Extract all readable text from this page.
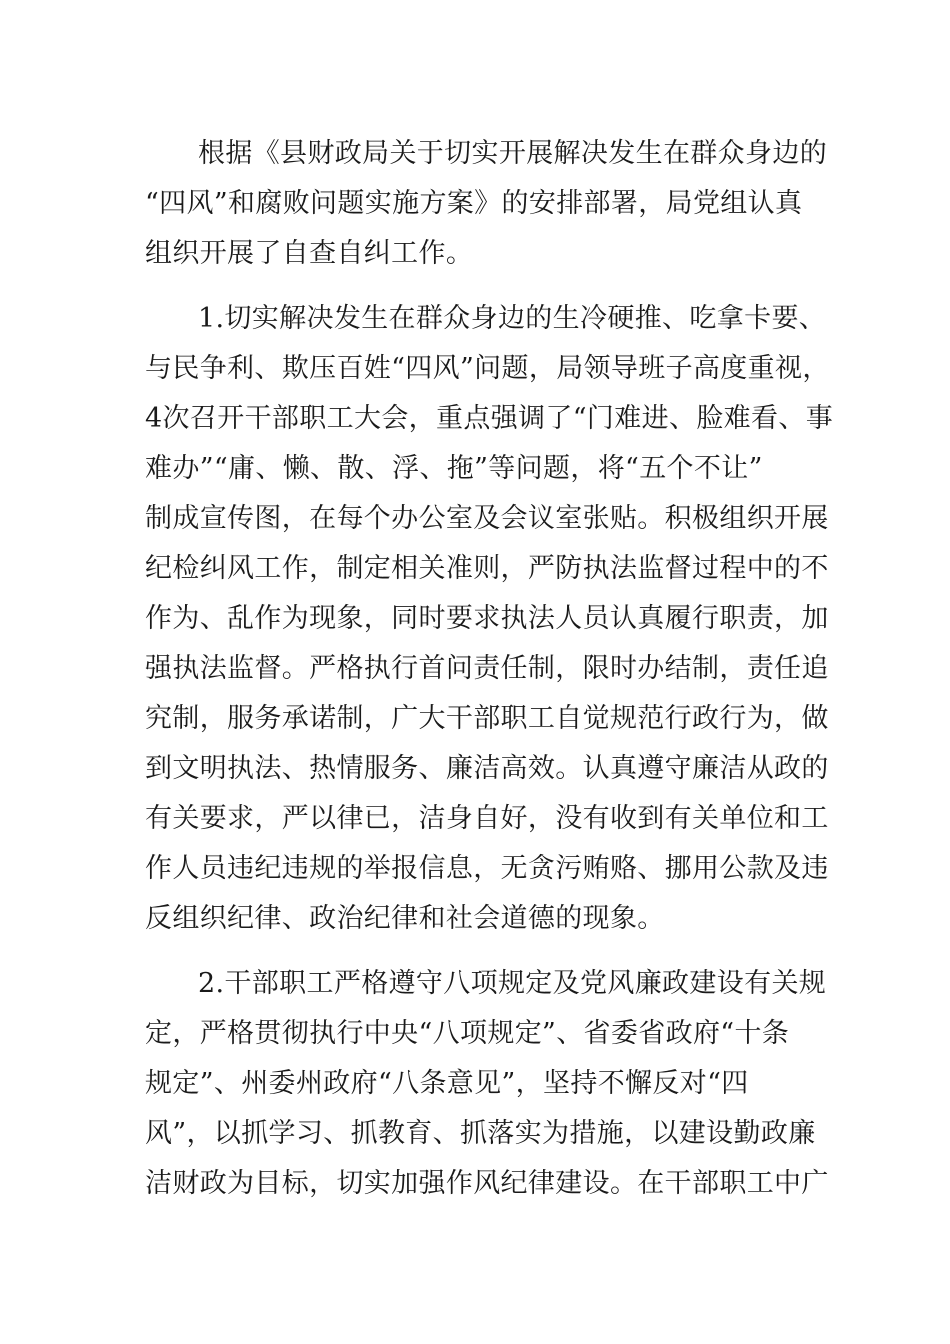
根据《县财政局关于切实开展解决发生在群众身边的
“四风”和腐败问题实施方案》的安排部署，局党组认真
组织开展了自查自纠工作。
1.切实解决发生在群众身边的生冷硬推、吃拿卡要、
与民争利、欺压百姓“四风”问题，局领导班子高度重视，
4次召开干部职工大会，重点强调了“门难进、脸难看、事
难办”“庸、懒、散、浮、拖”等问题，将“五个不让”
制成宣传图，在每个办公室及会议室张贴。积极组织开展
纪检纠风工作，制定相关准则，严防执法监督过程中的不
作为、乱作为现象，同时要求执法人员认真履行职责，加
强执法监督。严格执行首问责任制，限时办结制，责任追
究制，服务承诺制，广大干部职工自觉规范行政行为，做
到文明执法、热情服务、廉洁高效。认真遵守廉洁从政的
有关要求，严以律已，洁身自好，没有收到有关单位和工
作人员违纪违规的举报信息，无贪污贿赂、挪用公款及违
反组织纪律、政治纪律和社会道德的现象。
2.干部职工严格遵守八项规定及党风廉政建设有关规
定，严格贯彻执行中央“八项规定”、省委省政府“十条
规定”、州委州政府“八条意见”，坚持不懈反对“四
风”，以抓学习、抓教育、抓落实为措施，以建设勤政廉
洁财政为目标，切实加强作风纪律建设。在干部职工中广
